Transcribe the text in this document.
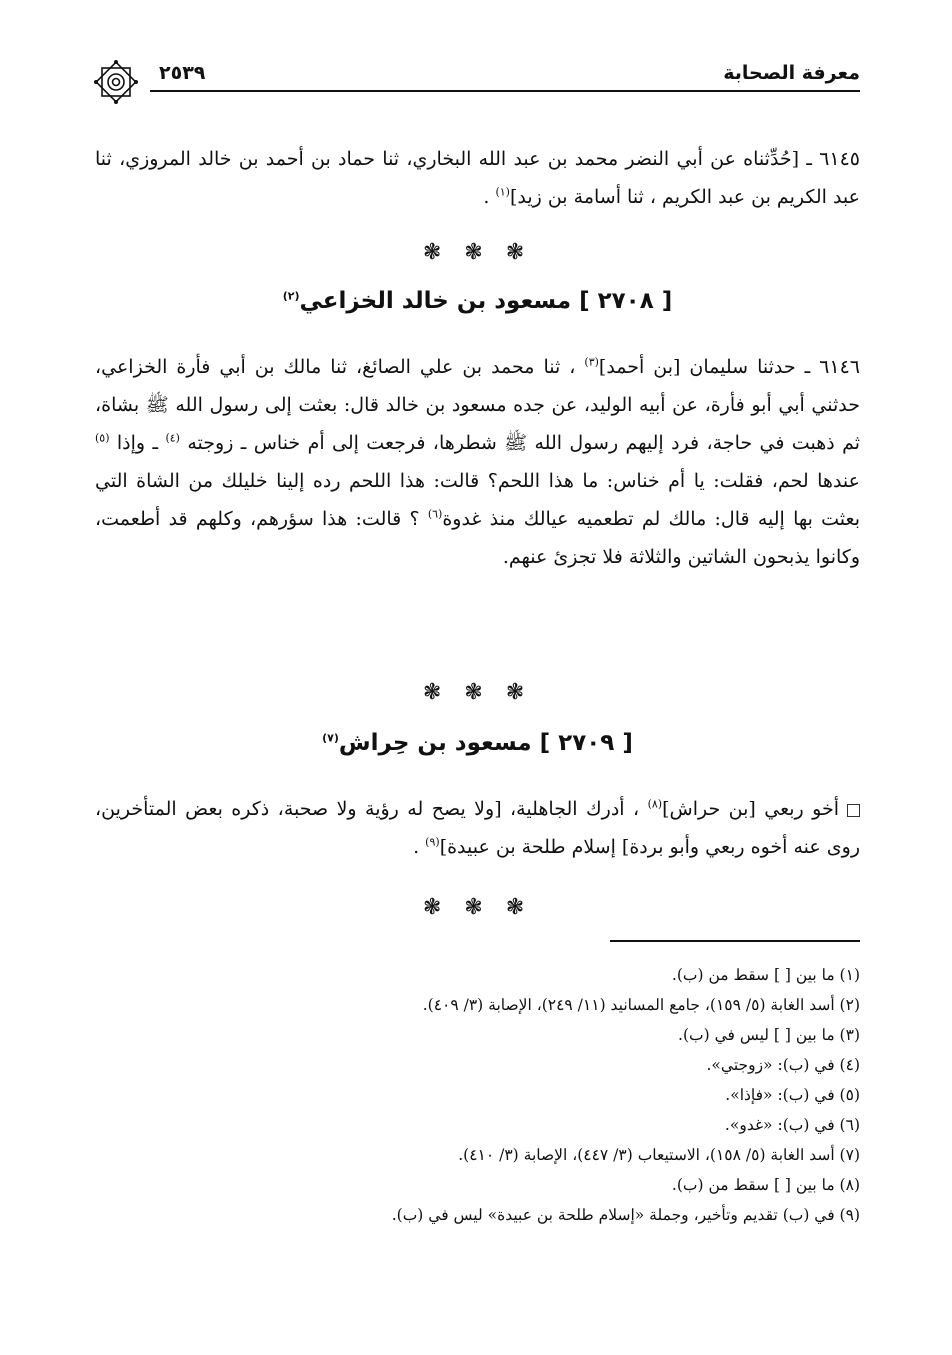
معرفة الصحابة
٢٥٣٩

٦١٤٥ ـ [حُدِّثناه عن أبي النضر محمد بن عبد الله البخاري، ثنا حماد بن أحمد بن خالد المروزي، ثنا عبد الكريم بن عبد الكريم ، ثنا أسامة بن زيد]$^{(١)}$ .

❃ ❃ ❃
[ ٢٧٠٨ ] مسعود بن خالد الخزاعي$^{(٢)}$

٦١٤٦ ـ حدثنا سليمان [بن أحمد]$^{(٣)}$ ، ثنا محمد بن علي الصائغ، ثنا مالك بن أبي فأرة الخزاعي، حدثني أبي أبو فأرة، عن أبيه الوليد، عن جده مسعود بن خالد قال: بعثت إلى رسول الله ﷺ بشاة، ثم ذهبت في حاجة، فرد إليهم رسول الله ﷺ شطرها، فرجعت إلى أم خناس ـ زوجته $^{(٤)}$ ـ وإذا $^{(٥)}$ عندها لحم، فقلت: يا أم خناس: ما هذا اللحم؟ قالت: هذا اللحم رده إلينا خليلك من الشاة التي بعثت بها إليه قال: مالك لم تطعميه عيالك منذ غدوة$^{(٦)}$ ؟ قالت: هذا سؤرهم، وكلهم قد أطعمت، وكانوا يذبحون الشاتين والثلاثة فلا تجزئ عنهم.

❃ ❃ ❃
[ ٢٧٠٩ ] مسعود بن حِراش$^{(٧)}$

أخو ربعي [بن حراش]$^{(٨)}$ ، أدرك الجاهلية، [ولا يصح له رؤية ولا صحبة، ذكره بعض المتأخرين، روى عنه أخوه ربعي وأبو بردة] إسلام طلحة بن عبيدة]$^{(٩)}$ .

❃ ❃ ❃
(١) ما بين [ ] سقط من (ب).
(٢) أسد الغابة (٥/ ١٥٩)، جامع المسانيد (١١/ ٢٤٩)، الإصابة (٣/ ٤٠٩).
(٣) ما بين [ ] ليس في (ب).
(٤) في (ب): «زوجتي».
(٥) في (ب): «فإذا».
(٦) في (ب): «غدو».
(٧) أسد الغابة (٥/ ١٥٨)، الاستيعاب (٣/ ٤٤٧)، الإصابة (٣/ ٤١٠).
(٨) ما بين [ ] سقط من (ب).
(٩) في (ب) تقديم وتأخير، وجملة «إسلام طلحة بن عبيدة» ليس في (ب).
